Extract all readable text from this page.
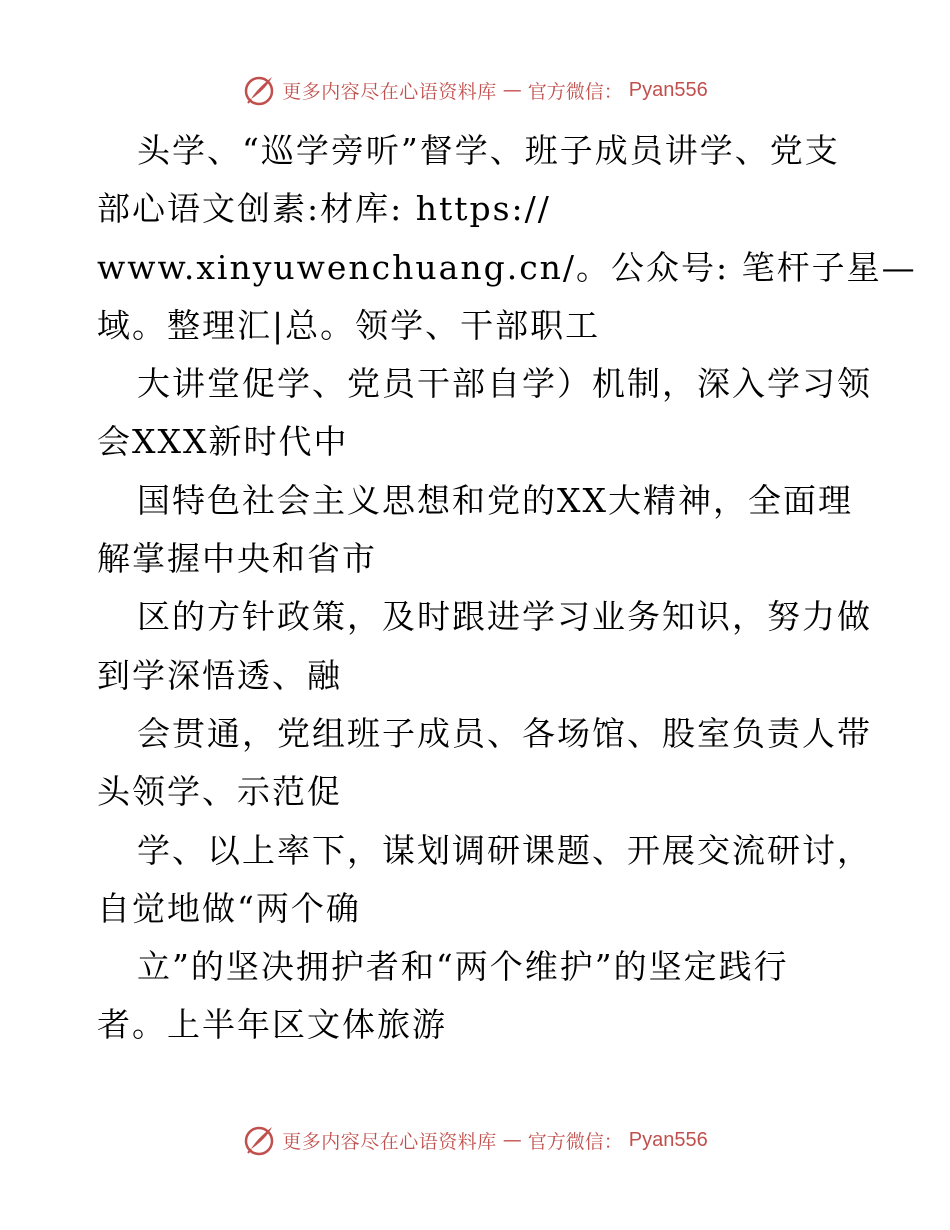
更多内容尽在心语资料库 — 官方微信： Pyan556
头学、“巡学旁听”督学、班子成员讲学、党支
部心语文创素:材库: https://
www.xinyuwenchuang.cn/。公众号: 笔杆子星—
域。整理汇|总。领学、干部职工
大讲堂促学、党员干部自学）机制，深入学习领
会XXX新时代中
国特色社会主义思想和党的XX大精神，全面理
解掌握中央和省市
区的方针政策，及时跟进学习业务知识，努力做
到学深悟透、融
会贯通，党组班子成员、各场馆、股室负责人带
头领学、示范促
学、以上率下，谋划调研课题、开展交流研讨，
自觉地做“两个确
立”的坚决拥护者和“两个维护”的坚定践行
者。上半年区文体旅游
更多内容尽在心语资料库 — 官方微信： Pyan556
